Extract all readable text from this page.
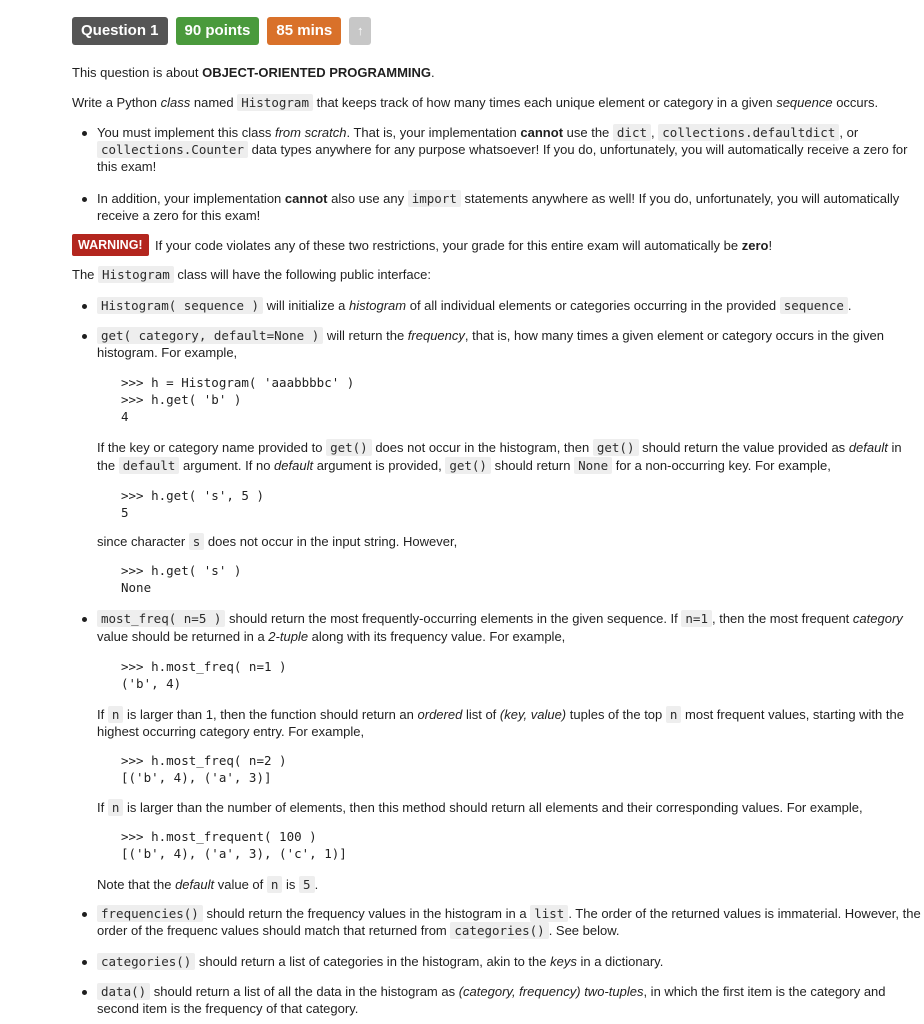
Question 1	90 points	85 mins	↑
This question is about OBJECT-ORIENTED PROGRAMMING.
Write a Python class named Histogram that keeps track of how many times each unique element or category in a given sequence occurs.
You must implement this class from scratch. That is, your implementation cannot use the dict , collections.defaultdict , or
collections.Counter data types anywhere for any purpose whatsoever! If you do, unfortunately, you will automatically receive a zero for
this exam!
In addition, your implementation cannot also use any import statements anywhere as well! If you do, unfortunately, you will automatically
receive a zero for this exam!
WARNING! If your code violates any of these two restrictions, your grade for this entire exam will automatically be zero!
The Histogram class will have the following public interface:
Histogram( sequence ) will initialize a histogram of all individual elements or categories occurring in the provided sequence .
get( category, default=None ) will return the frequency, that is, how many times a given element or category occurs in the given
histogram. For example,
>>> h = Histogram( 'aaabbbbc' )
>>> h.get( 'b' )
4
If the key or category name provided to get() does not occur in the histogram, then get() should return the value provided as default in
the default argument. If no default argument is provided, get() should return None for a non-occurring key. For example,
>>> h.get( 's', 5 )
5
since character s does not occur in the input string. However,
>>> h.get( 's' )
None
most_freq( n=5 ) should return the most frequently-occurring elements in the given sequence. If n=1 , then the most frequent category
value should be returned in a 2-tuple along with its frequency value. For example,
>>> h.most_freq( n=1 )
('b', 4)
If n is larger than 1, then the function should return an ordered list of (key, value) tuples of the top n most frequent values, starting with the
highest occurring category entry. For example,
>>> h.most_freq( n=2 )
[('b', 4), ('a', 3)]
If n is larger than the number of elements, then this method should return all elements and their corresponding values. For example,
>>> h.most_frequent( 100 )
[('b', 4), ('a', 3), ('c', 1)]
Note that the default value of n is 5 .
frequencies() should return the frequency values in the histogram in a list . The order of the returned values is immaterial. However, the
order of the frequenc values should match that returned from categories() . See below.
categories() should return a list of categories in the histogram, akin to the keys in a dictionary.
data() should return a list of all the data in the histogram as (category, frequency) two-tuples, in which the first item is the category and
second item is the frequency of that category.
